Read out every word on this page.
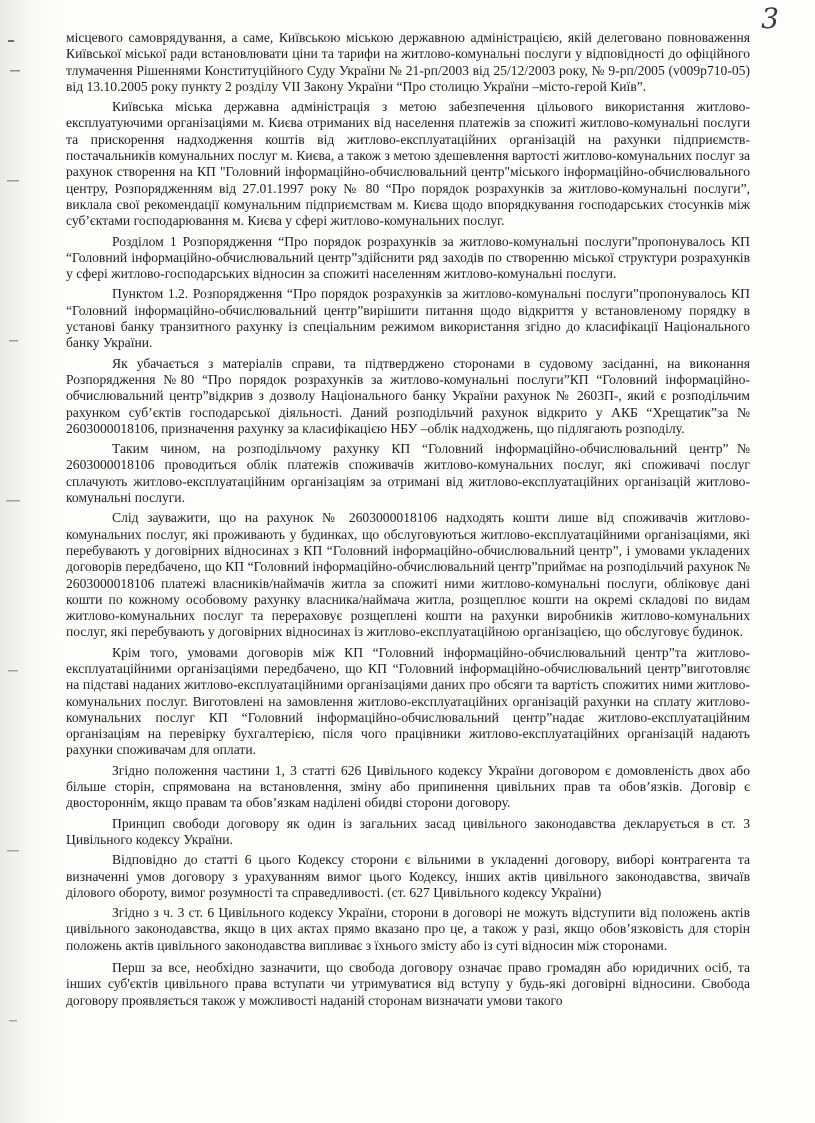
3

місцевого самоврядування, а саме, Київською міською державною адміністрацією, якій делеговано повноваження Київської міської ради встановлювати ціни та тарифи на житлово-комунальні послуги у відповідності до офіційного тлумачення Рішеннями Конституційного Суду України № 21-рп/2003 від 25/12/2003 року, № 9-рп/2005 (v009р710-05) від 13.10.2005 року пункту 2 розділу VII Закону України “Про столицю України –місто-герой Київ”.

Київська міська державна адміністрація з метою забезпечення цільового використання житлово-експлуатуючими організаціями м. Києва отриманих від населення платежів за спожиті житлово-комунальні послуги та прискорення надходження коштів від житлово-експлуатаційних організацій на рахунки підприємств-постачальників комунальних послуг м. Києва, а також з метою здешевлення вартості житлово-комунальних послуг за рахунок створення на КП "Головний інформаційно-обчислювальний центр"міського інформаційно-обчислювального центру, Розпорядженням від 27.01.1997 року № 80 “Про порядок розрахунків за житлово-комунальні послуги”, виклала свої рекомендації комунальним підприємствам м. Києва щодо впорядкування господарських стосунків між суб’єктами господарювання м. Києва у сфері житлово-комунальних послуг.

Розділом 1 Розпорядження “Про порядок розрахунків за житлово-комунальні послуги”пропонувалось КП “Головний інформаційно-обчислювальний центр”здійснити ряд заходів по створенню міської структури розрахунків у сфері житлово-господарських відносин за спожиті населенням житлово-комунальні послуги.

Пунктом 1.2. Розпорядження “Про порядок розрахунків за житлово-комунальні послуги”пропонувалось КП “Головний інформаційно-обчислювальний центр”вирішити питання щодо відкриття у встановленому порядку в установі банку транзитного рахунку із спеціальним режимом використання згідно до класифікації Національного банку України.

Як убачається з матеріалів справи, та підтверджено сторонами в судовому засіданні, на виконання Розпорядження №80 “Про порядок розрахунків за житлово-комунальні послуги”КП “Головний інформаційно-обчислювальний центр”відкрив з дозволу Національного банку України рахунок № 2603П-, який є розподільчим рахунком суб’єктів господарської діяльності. Даний розподільчий рахунок відкрито у АКБ “Хрещатик”за № 2603000018106, призначення рахунку за класифікацією НБУ –облік надходжень, що підлягають розподілу.

Таким чином, на розподільчому рахунку КП “Головний інформаційно-обчислювальний центр”№ 2603000018106 проводиться облік платежів споживачів житлово-комунальних послуг, які споживачі послуг сплачують житлово-експлуатаційним організаціям за отримані від житлово-експлуатаційних організацій житлово-комунальні послуги.

Слід зауважити, що на рахунок № 2603000018106 надходять кошти лише від споживачів житлово-комунальних послуг, які проживають у будинках, що обслуговуються житлово-експлуатаційними організаціями, які перебувають у договірних відносинах з КП “Головний інформаційно-обчислювальний центр”, і умовами укладених договорів передбачено, що КП “Головний інформаційно-обчислювальний центр”приймає на розподільчий рахунок № 2603000018106 платежі власників/наймачів житла за спожиті ними житлово-комунальні послуги, обліковує дані кошти по кожному особовому рахунку власника/наймача житла, розщеплює кошти на окремі складові по видам житлово-комунальних послуг та перераховує розщеплені кошти на рахунки виробників житлово-комунальних послуг, які перебувають у договірних відносинах із житлово-експлуатаційною організацією, що обслуговує будинок.

Крім того, умовами договорів між КП “Головний інформаційно-обчислювальний центр”та житлово-експлуатаційними організаціями передбачено, що КП “Головний інформаційно-обчислювальний центр”виготовляє на підставі наданих житлово-експлуатаційними організаціями даних про обсяги та вартість спожитих ними житлово-комунальних послуг. Виготовлені на замовлення житлово-експлуатаційних організацій рахунки на сплату житлово-комунальних послуг КП “Головний інформаційно-обчислювальний центр”надає житлово-експлуатаційним організаціям на перевірку бухгалтерією, після чого працівники житлово-експлуатаційних організацій надають рахунки споживачам для оплати.

Згідно положення частини 1, 3 статті 626 Цивільного кодексу України договором є домовленість двох або більше сторін, спрямована на встановлення, зміну або припинення цивільних прав та обов’язків. Договір є двостороннім, якщо правам та обов’язкам наділені обидві сторони договору.

Принцип свободи договору як один із загальних засад цивільного законодавства декларується в ст. 3 Цивільного кодексу України.

Відповідно до статті 6 цього Кодексу сторони є вільними в укладенні договору, виборі контрагента та визначенні умов договору з урахуванням вимог цього Кодексу, інших актів цивільного законодавства, звичаїв ділового обороту, вимог розумності та справедливості. (ст. 627 Цивільного кодексу України)

Згідно з ч. 3 ст. 6 Цивільного кодексу України, сторони в договорі не можуть відступити від положень актів цивільного законодавства, якщо в цих актах прямо вказано про це, а також у разі, якщо обов’язковість для сторін положень актів цивільного законодавства випливає з їхнього змісту або із суті відносин між сторонами.

Перш за все, необхідно зазначити, що свобода договору означає право громадян або юридичних осіб, та інших суб'єктів цивільного права вступати чи утримуватися від вступу у будь-які договірні відносини. Свобода договору проявляється також у можливості наданій сторонам визначати умови такого
